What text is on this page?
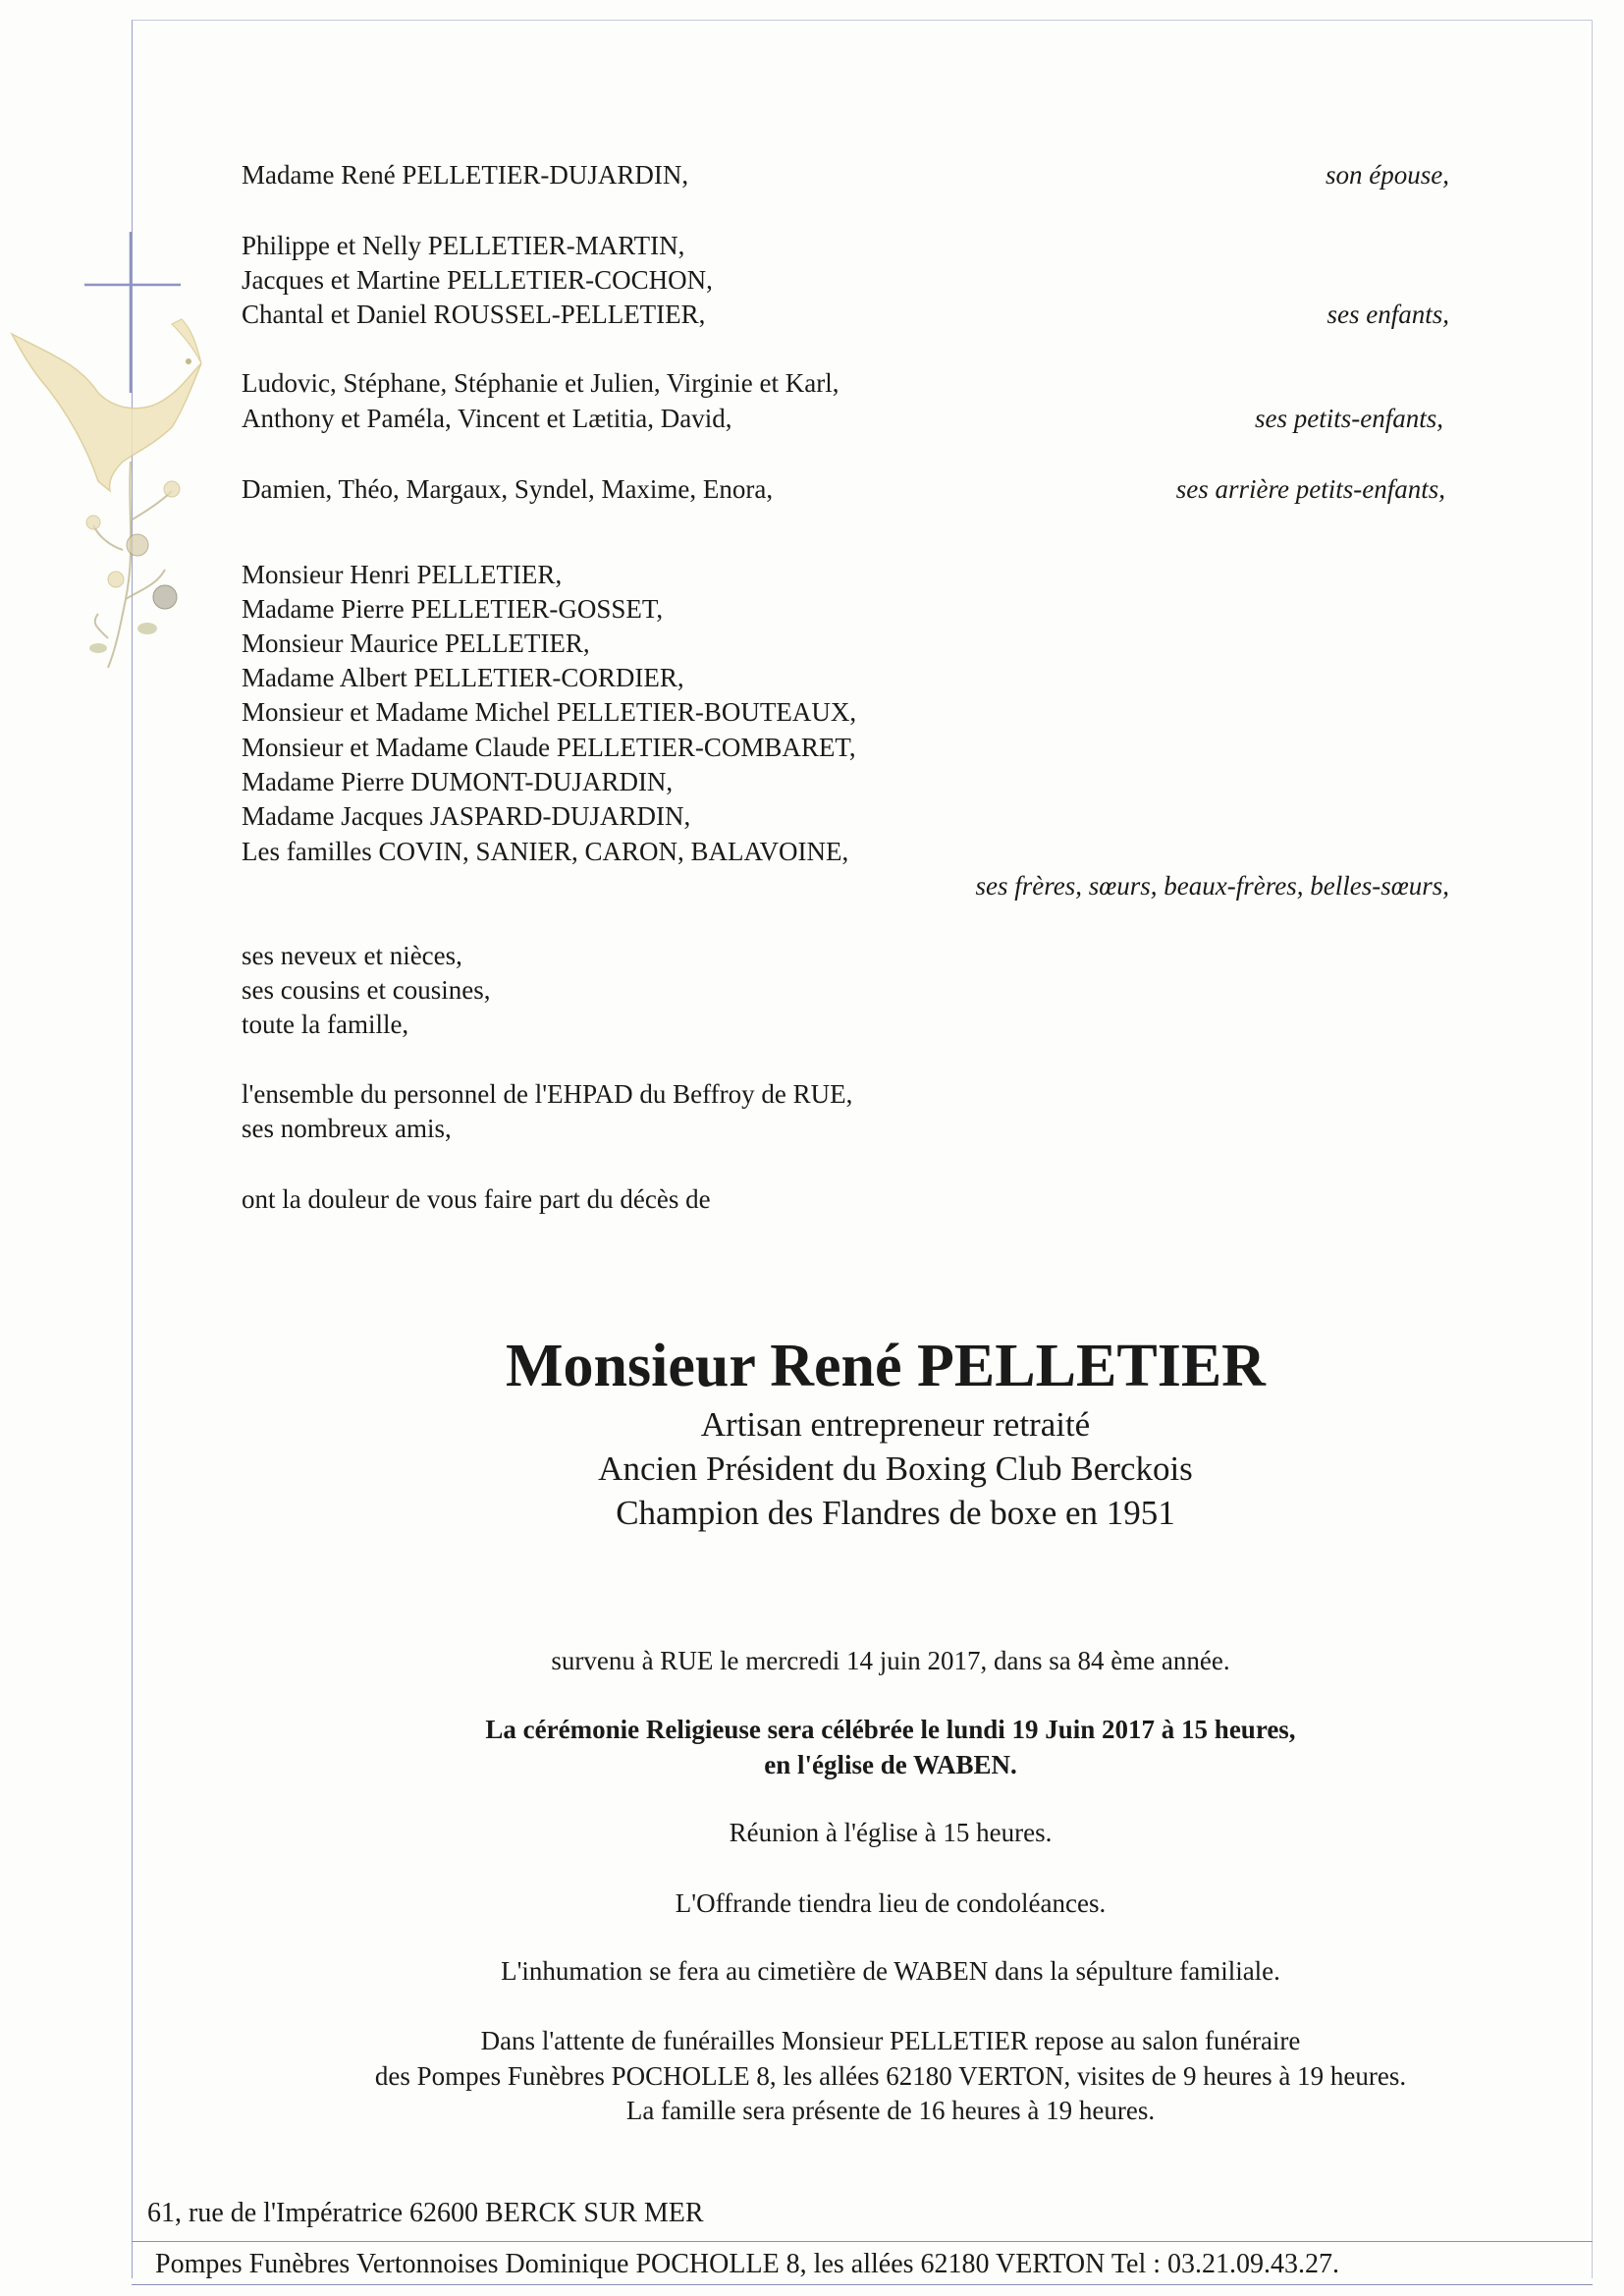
Madame René PELLETIER-DUJARDIN,	son épouse,
Philippe et Nelly PELLETIER-MARTIN,
Jacques et Martine PELLETIER-COCHON,
Chantal et Daniel ROUSSEL-PELLETIER,	ses enfants,
Ludovic, Stéphane, Stéphanie et Julien, Virginie et Karl,
Anthony et Paméla, Vincent et Lætitia, David,	ses petits-enfants,
Damien, Théo, Margaux, Syndel, Maxime, Enora,	ses arrière petits-enfants,
Monsieur Henri PELLETIER,
Madame Pierre PELLETIER-GOSSET,
Monsieur Maurice PELLETIER,
Madame Albert PELLETIER-CORDIER,
Monsieur et Madame Michel PELLETIER-BOUTEAUX,
Monsieur et Madame Claude PELLETIER-COMBARET,
Madame Pierre DUMONT-DUJARDIN,
Madame Jacques JASPARD-DUJARDIN,
Les familles COVIN, SANIER, CARON, BALAVOINE,
ses frères, sœurs, beaux-frères, belles-sœurs,
ses neveux et nièces,
ses cousins et cousines,
toute la famille,
l'ensemble du personnel de l'EHPAD du Beffroy de RUE,
ses nombreux amis,
ont la douleur de vous faire part du décès de
Monsieur René PELLETIER
Artisan entrepreneur retraité
Ancien Président du Boxing Club Berckois
Champion des Flandres de boxe en 1951
survenu à RUE le mercredi 14 juin 2017, dans sa 84 ème année.
La cérémonie Religieuse sera célébrée le lundi 19 Juin 2017 à 15 heures,
en l'église de WABEN.
Réunion à l'église à 15 heures.
L'Offrande tiendra lieu de condoléances.
L'inhumation se fera au cimetière de WABEN dans la sépulture familiale.
Dans l'attente de funérailles Monsieur PELLETIER repose au salon funéraire
des Pompes Funèbres POCHOLLE 8, les allées 62180 VERTON, visites de 9 heures à 19 heures.
La famille sera présente de 16 heures à 19 heures.
61, rue de l'Impératrice 62600 BERCK SUR MER
Pompes Funèbres Vertonnoises Dominique POCHOLLE 8, les allées 62180 VERTON Tel : 03.21.09.43.27.
